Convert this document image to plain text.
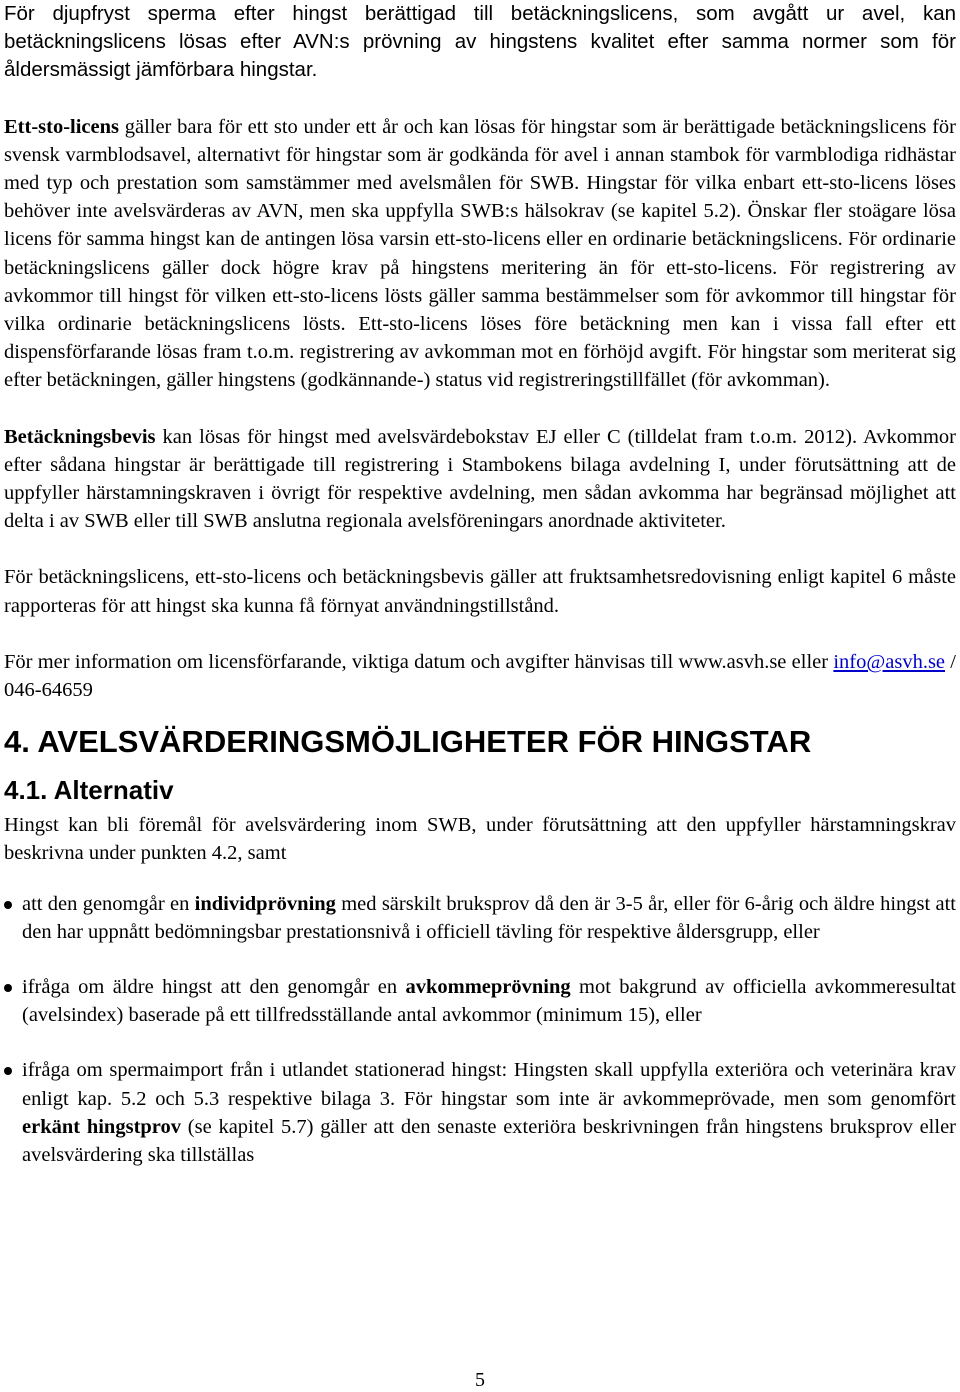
För djupfryst sperma efter hingst berättigad till betäckningslicens, som avgått ur avel, kan betäckningslicens lösas efter AVN:s prövning av hingstens kvalitet efter samma normer som för åldersmässigt jämförbara hingstar.

Ett-sto-licens gäller bara för ett sto under ett år och kan lösas för hingstar som är berättigade betäckningslicens för svensk varmblodsavel, alternativt för hingstar som är godkända för avel i annan stambok för varmblodiga ridhästar med typ och prestation som samstämmer med avelsmålen för SWB. Hingstar för vilka enbart ett-sto-licens löses behöver inte avelsvärderas av AVN, men ska uppfylla SWB:s hälsokrav (se kapitel 5.2). Önskar fler stoägare lösa licens för samma hingst kan de antingen lösa varsin ett-sto-licens eller en ordinarie betäckningslicens. För ordinarie betäckningslicens gäller dock högre krav på hingstens meritering än för ett-sto-licens. För registrering av avkommor till hingst för vilken ett-sto-licens lösts gäller samma bestämmelser som för avkommor till hingstar för vilka ordinarie betäckningslicens lösts. Ett-sto-licens löses före betäckning men kan i vissa fall efter ett dispensförfarande lösas fram t.o.m. registrering av avkomman mot en förhöjd avgift. För hingstar som meriterat sig efter betäckningen, gäller hingstens (godkännande-) status vid registreringstillfället (för avkomman).

Betäckningsbevis kan lösas för hingst med avelsvärdebokstav EJ eller C (tilldelat fram t.o.m. 2012). Avkommor efter sådana hingstar är berättigade till registrering i Stambokens bilaga avdelning I, under förutsättning att de uppfyller härstamningskraven i övrigt för respektive avdelning, men sådan avkomma har begränsad möjlighet att delta i av SWB eller till SWB anslutna regionala avelsföreningars anordnade aktiviteter.

För betäckningslicens, ett-sto-licens och betäckningsbevis gäller att fruktsamhetsredovisning enligt kapitel 6 måste rapporteras för att hingst ska kunna få förnyat användningstillstånd.

För mer information om licensförfarande, viktiga datum och avgifter hänvisas till www.asvh.se eller info@asvh.se / 046-64659

4. AVELSVÄRDERINGSMÖJLIGHETER FÖR HINGSTAR
4.1. Alternativ

Hingst kan bli föremål för avelsvärdering inom SWB, under förutsättning att den uppfyller härstamningskrav beskrivna under punkten 4.2, samt

att den genomgår en individprövning med särskilt bruksprov då den är 3-5 år, eller för 6-årig och äldre hingst att den har uppnått bedömningsbar prestationsnivå i officiell tävling för respektive åldersgrupp, eller
ifråga om äldre hingst att den genomgår en avkommeprövning mot bakgrund av officiella avkommeresultat (avelsindex) baserade på ett tillfredsställande antal avkommor (minimum 15), eller
ifråga om spermaimport från i utlandet stationerad hingst: Hingsten skall uppfylla exteriöra och veterinära krav enligt kap. 5.2 och 5.3 respektive bilaga 3. För hingstar som inte är avkommeprövade, men som genomfört erkänt hingstprov (se kapitel 5.7) gäller att den senaste exteriöra beskrivningen från hingstens bruksprov eller avelsvärdering ska tillställas
5
